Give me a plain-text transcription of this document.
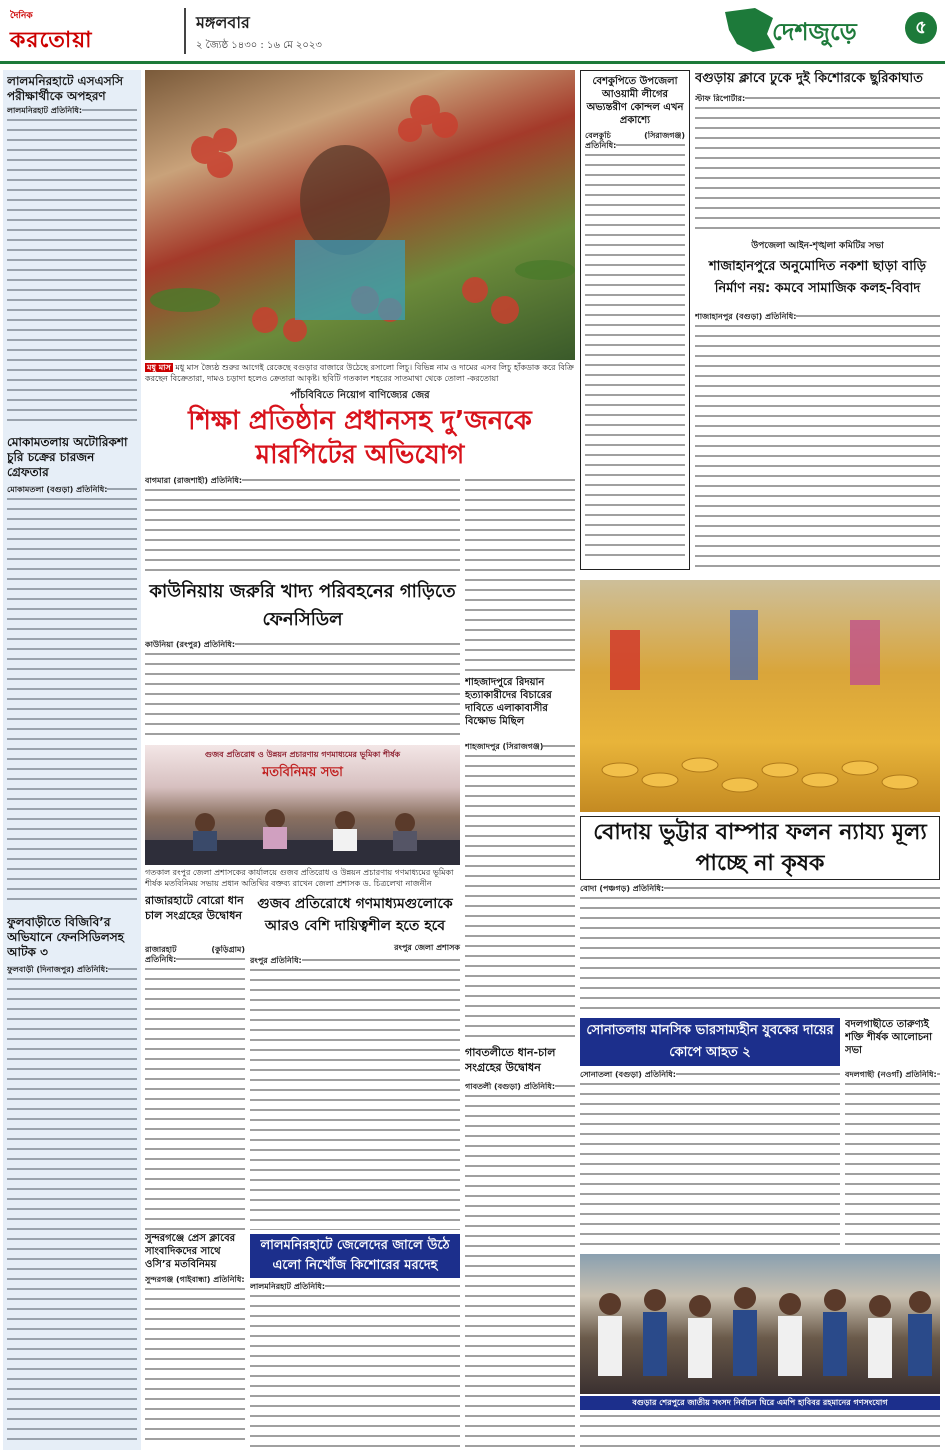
দৈনিক
করতোয়া
মঙ্গলবার
২ জ্যৈষ্ঠ ১৪৩০ : ১৬ মে ২০২৩	দেশজুড়ে	৫
লালমনিরহাটে এসএসসি পরীক্ষার্থীকে অপহরণ
লালমনিরহাট প্রতিনিধি:
মোকামতলায় অটোরিকশা চুরি চক্রের চারজন গ্রেফতার
মোকামতলা (বগুড়া) প্রতিনিধি:
ফুলবাড়ীতে বিজিবি’র অভিযানে ফেনসিডিলসহ আটক ৩
ফুলবাড়ী (দিনাজপুর) প্রতিনিধি:
মধু মাস মধু মাস জ্যৈষ্ঠ শুরুর আগেই রেকেছে বগুড়ার বাজারে উঠেছে রসালো লিচু। বিভিন্ন নাম ও দামের এসব লিচু হাঁকডাক করে বিক্রি করছেন বিক্রেতারা, দামও চড়াদা হলেও ক্রেতারা আকৃষ্ট। ছবিটি গতকাল শহরের সাতমাথা থেকে তোলা -করতোয়া
পাঁচবিবিতে নিয়োগ বাণিজ্যের জের
শিক্ষা প্রতিষ্ঠান প্রধানসহ দু’জনকে মারপিটের অভিযোগ
বাগমারা (রাজশাহী) প্রতিনিধি:
কাউনিয়ায় জরুরি খাদ্য পরিবহনের গাড়িতে ফেনসিডিল
কাউনিয়া (রংপুর) প্রতিনিধি:
গুজব প্রতিরোধ ও উন্নয়ন প্রচারণায় গণমাধ্যমের ভূমিকা শীর্ষক
মতবিনিময় সভা
গতকাল রংপুর জেলা প্রশাসকের কার্যালয়ে গুজব প্রতিরোধ ও উন্নয়ন প্রচারণায় গণমাধ্যমের ভূমিকা শীর্ষক মতবিনিময় সভায় প্রধান অতিথির বক্তব্য রাখেন জেলা প্রশাসক ড. চিত্রলেখা নাজনীন
রাজারহাটে বোরো ধান চাল সংগ্রহের উদ্বোধন
রাজারহাট (কুড়িগ্রাম) প্রতিনিধি:
গুজব প্রতিরোধে গণমাধ্যমগুলোকে আরও বেশি দায়িত্বশীল হতে হবে
রংপুর জেলা প্রশাসক
রংপুর প্রতিনিধি:
সুন্দরগঞ্জে প্রেস ক্লাবের সাংবাদিকদের সাথে ওসি’র মতবিনিময়
সুন্দরগঞ্জ (গাইবান্ধা) প্রতিনিধি:
লালমনিরহাটে জেলেদের জালে উঠে এলো নিখোঁজ কিশোরের মরদেহ
লালমনিরহাট প্রতিনিধি:
শাহজাদপুরে রিদয়ান হত্যাকারীদের বিচারের দাবিতে এলাকাবাসীর বিক্ষোভ মিছিল
শাহজাদপুর (সিরাজগঞ্জ)
গাবতলীতে ধান-চাল সংগ্রহের উদ্বোধন
গাবতলী (বগুড়া) প্রতিনিধি:
বেশকুপিতে উপজেলা আওয়ামী লীগের অভ্যন্তরীণ কোন্দল এখন প্রকাশ্যে
বেলকুচি (সিরাজগঞ্জ) প্রতিনিধি:
বগুড়ায় ক্লাবে ঢুকে দুই কিশোরকে ছুরিকাঘাত
স্টাফ রিপোর্টার:
উপজেলা আইন-শৃঙ্খলা কমিটির সভা
শাজাহানপুরে অনুমোদিত নকশা ছাড়া বাড়ি নির্মাণ নয়: কমবে সামাজিক কলহ-বিবাদ
শাজাহানপুর (বগুড়া) প্রতিনিধি:
বোদায় ভুট্টার বাম্পার ফলন ন্যায্য মূল্য পাচ্ছে না কৃষক
বোদা (পঞ্চগড়) প্রতিনিধি:
সোনাতলায় মানসিক ভারসাম্যহীন যুবকের দায়ের কোপে আহত ২
সোনাতলা (বগুড়া) প্রতিনিধি:
বদলগাছীতে তারুণ্যই শক্তি শীর্ষক আলোচনা সভা
বদলগাছী (নওগাঁ) প্রতিনিধি:
বগুড়ার শেরপুরে জাতীয় সংসদ নির্বাচন ঘিরে এমপি হাবিবর রহমানের গণসংযোগ
